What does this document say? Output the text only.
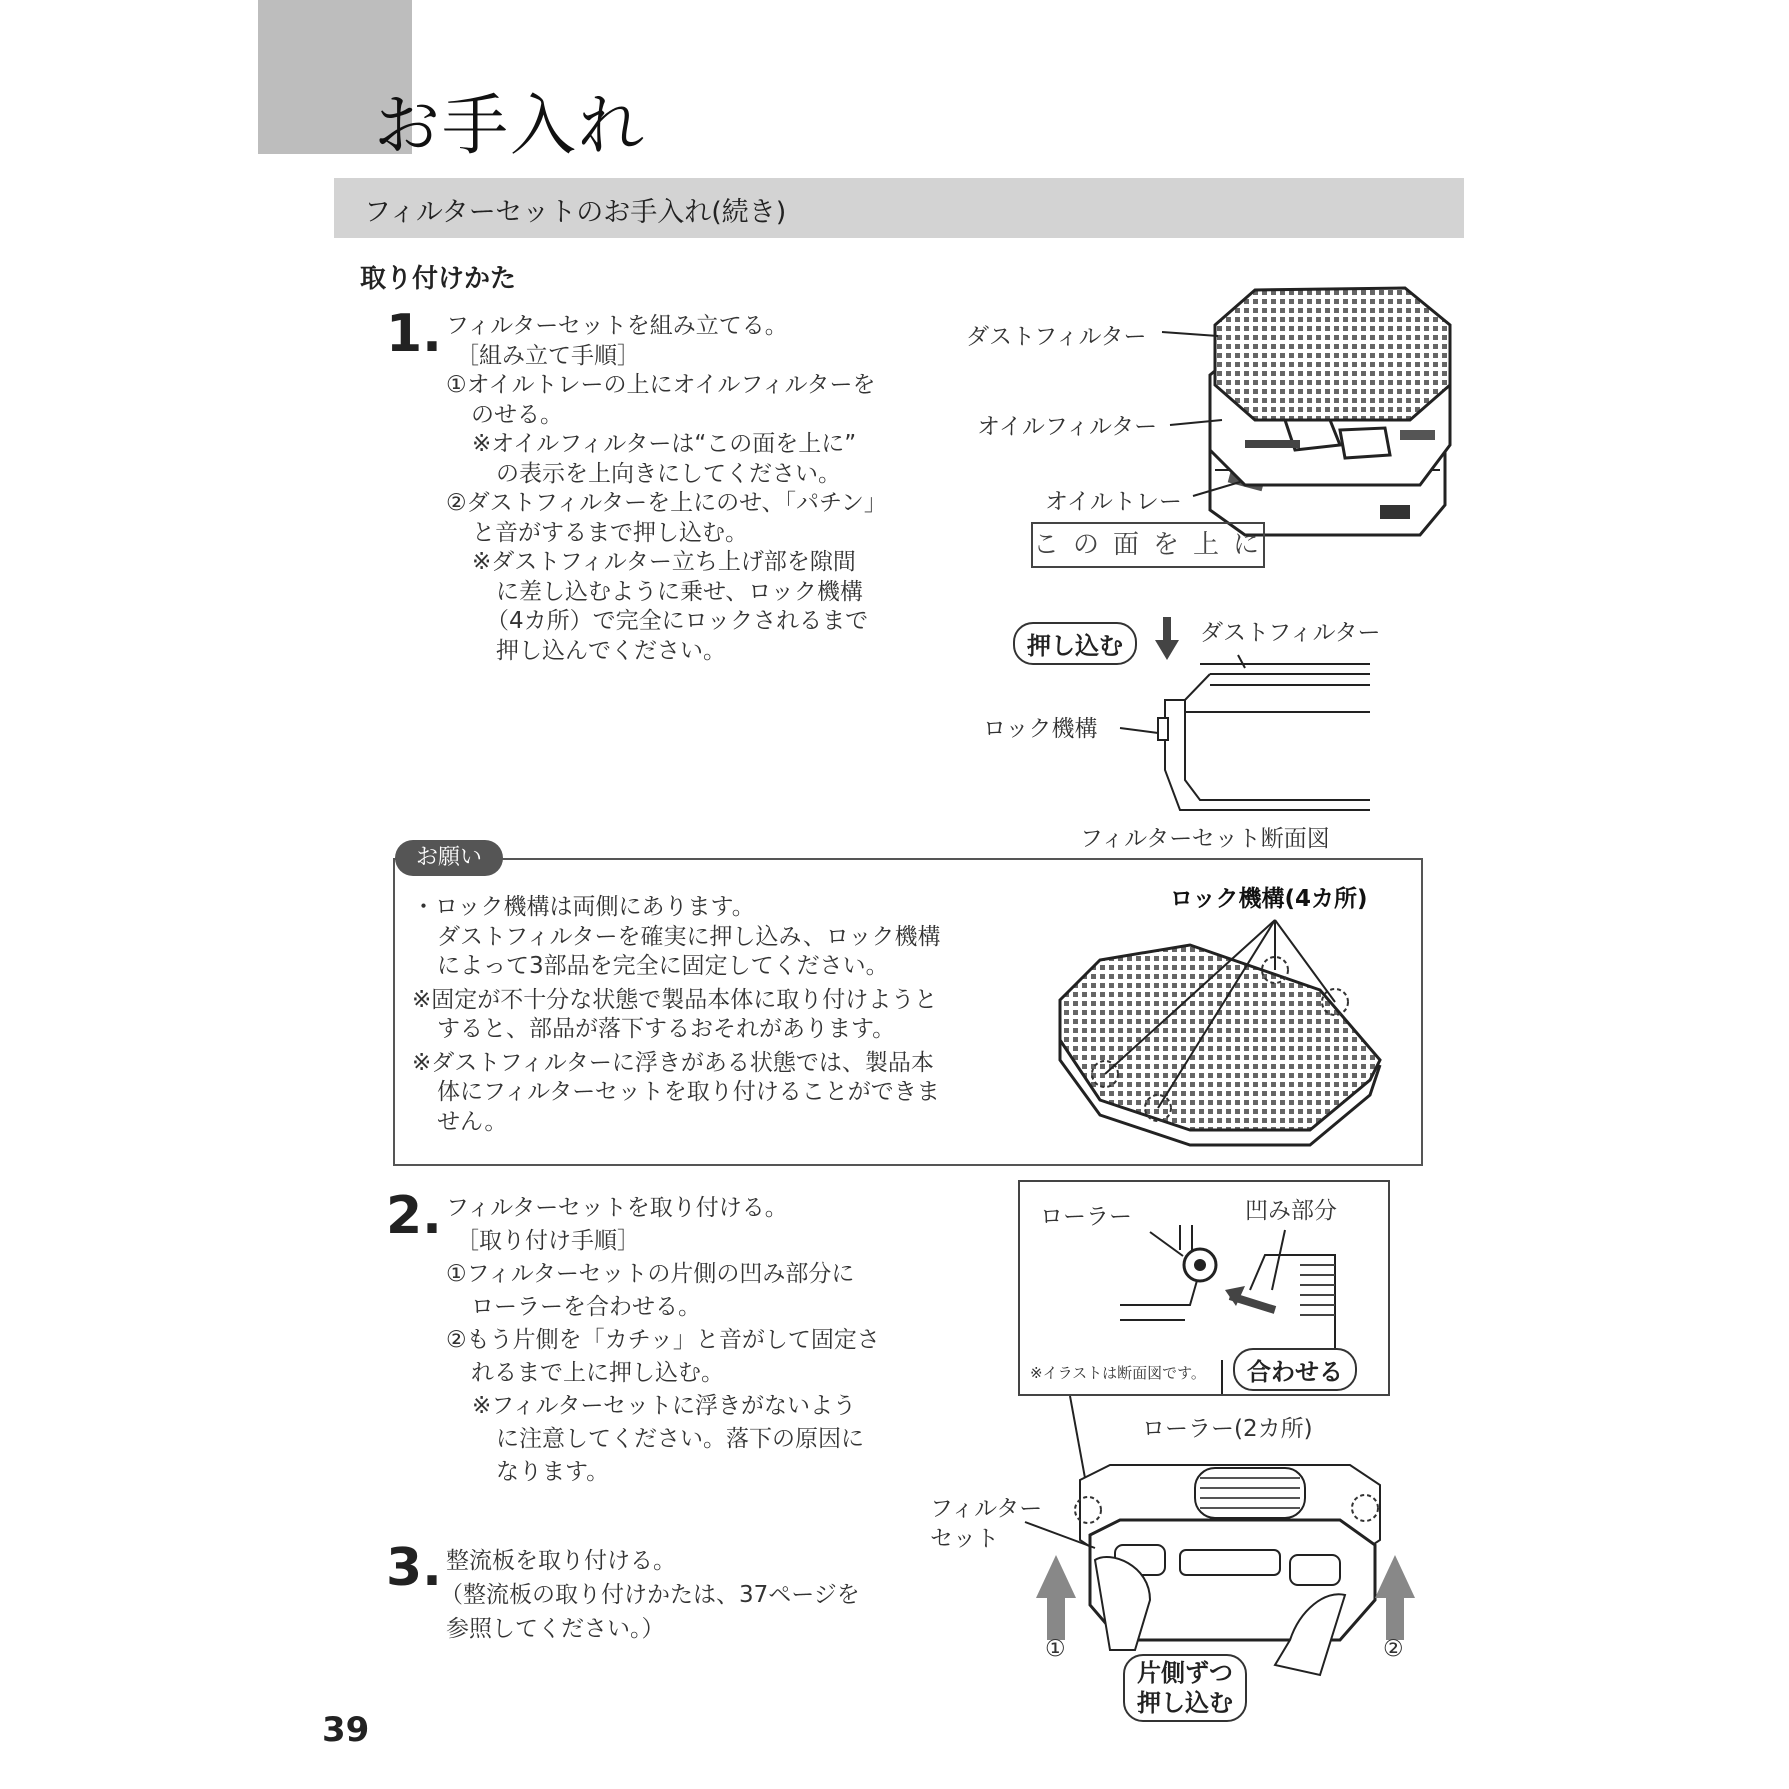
お手入れ
フィルターセットのお手入れ(続き)
取り付けかた
1. フィルターセットを組み立てる。
［組み立て手順］
①オイルトレーの上にオイルフィルターを
のせる。
※オイルフィルターは“この面を上に”
の表示を上向きにしてください。
②ダストフィルターを上にのせ、「パチン」
と音がするまで押し込む。
※ダストフィルター立ち上げ部を隙間
に差し込むように乗せ、ロック機構
（4カ所）で完全にロックされるまで
押し込んでください。
ダストフィルター
オイルフィルター
オイルトレー
この面を上に
押し込む	ダストフィルター
ロック機構
フィルターセット断面図
お願い
・ロック機構は両側にあります。
ダストフィルターを確実に押し込み、ロック機構
によって3部品を完全に固定してください。
※固定が不十分な状態で製品本体に取り付けようと
すると、部品が落下するおそれがあります。
※ダストフィルターに浮きがある状態では、製品本
体にフィルターセットを取り付けることができま
せん。
ロック機構(4カ所)
2. フィルターセットを取り付ける。
［取り付け手順］
①フィルターセットの片側の凹み部分に
ローラーを合わせる。
②もう片側を「カチッ」と音がして固定さ
れるまで上に押し込む。
※フィルターセットに浮きがないよう
に注意してください。落下の原因に
なります。
ローラー	凹み部分
※イラストは断面図です。	合わせる
ローラー(2カ所)
フィルター
セット
①	②
片側ずつ
押し込む
3. 整流板を取り付ける。
（整流板の取り付けかたは、37ページを
参照してください。）
39
